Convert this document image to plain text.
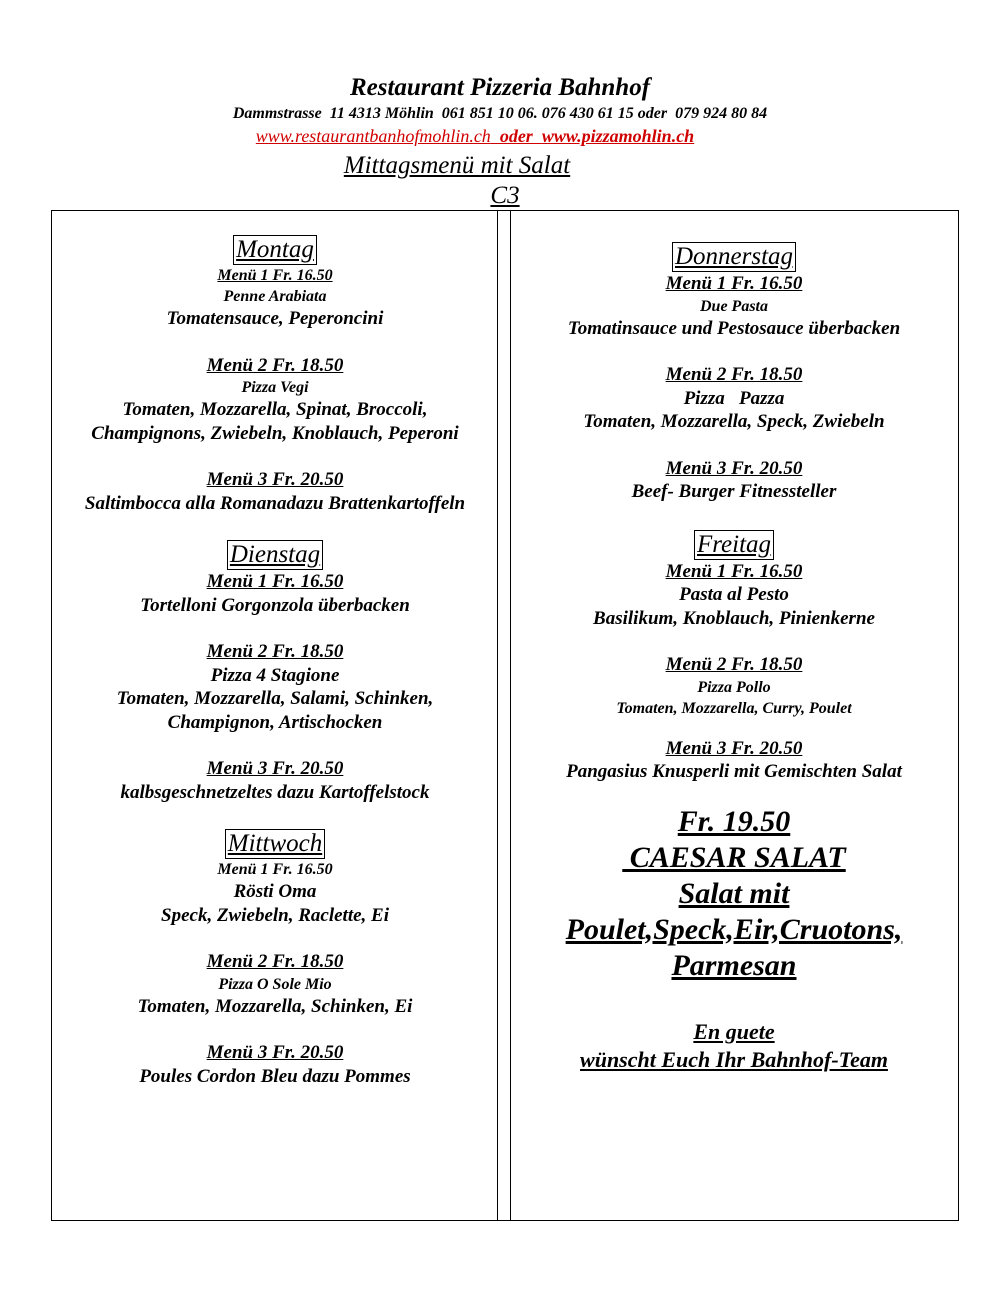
Restaurant Pizzeria Bahnhof
Dammstrasse  11 4313 Möhlin  061 851 10 06. 076 430 61 15 oder  079 924 80 84
www.restaurantbanhofmohlin.ch  oder  www.pizzamohlin.ch
Mittagsmenü mit Salat
C3
Montag
Menü 1 Fr. 16.50
Penne Arabiata
Tomatensauce, Peperoncini
Menü 2 Fr. 18.50
Pizza Vegi
Tomaten, Mozzarella, Spinat, Broccoli,
Champignons, Zwiebeln, Knoblauch, Peperoni
Menü 3 Fr. 20.50
Saltimbocca alla Romanadazu Brattenkartoffeln
Dienstag
Menü 1 Fr. 16.50
Tortelloni Gorgonzola überbacken
Menü 2 Fr. 18.50
Pizza 4 Stagione
Tomaten, Mozzarella, Salami, Schinken,
Champignon, Artischocken
Menü 3 Fr. 20.50
kalbsgeschnetzeltes dazu Kartoffelstock
Mittwoch
Menü 1 Fr. 16.50
Rösti Oma
Speck, Zwiebeln, Raclette, Ei
Menü 2 Fr. 18.50
Pizza O Sole Mio
Tomaten, Mozzarella, Schinken, Ei
Menü 3 Fr. 20.50
Poules Cordon Bleu dazu Pommes
Donnerstag
Menü 1 Fr. 16.50
Due Pasta
Tomatinsauce und Pestosauce überbacken
Menü 2 Fr. 18.50
Pizza   Pazza
Tomaten, Mozzarella, Speck, Zwiebeln
Menü 3 Fr. 20.50
Beef- Burger Fitnessteller
Freitag
Menü 1 Fr. 16.50
Pasta al Pesto
Basilikum, Knoblauch, Pinienkerne
Menü 2 Fr. 18.50
Pizza Pollo
Tomaten, Mozzarella, Curry, Poulet
Menü 3 Fr. 20.50
Pangasius Knusperli mit Gemischten Salat
Fr. 19.50
CAESAR SALAT
Salat mit
Poulet,Speck,Eir,Cruotons,
Parmesan
En guete
wünscht Euch Ihr Bahnhof-Team
